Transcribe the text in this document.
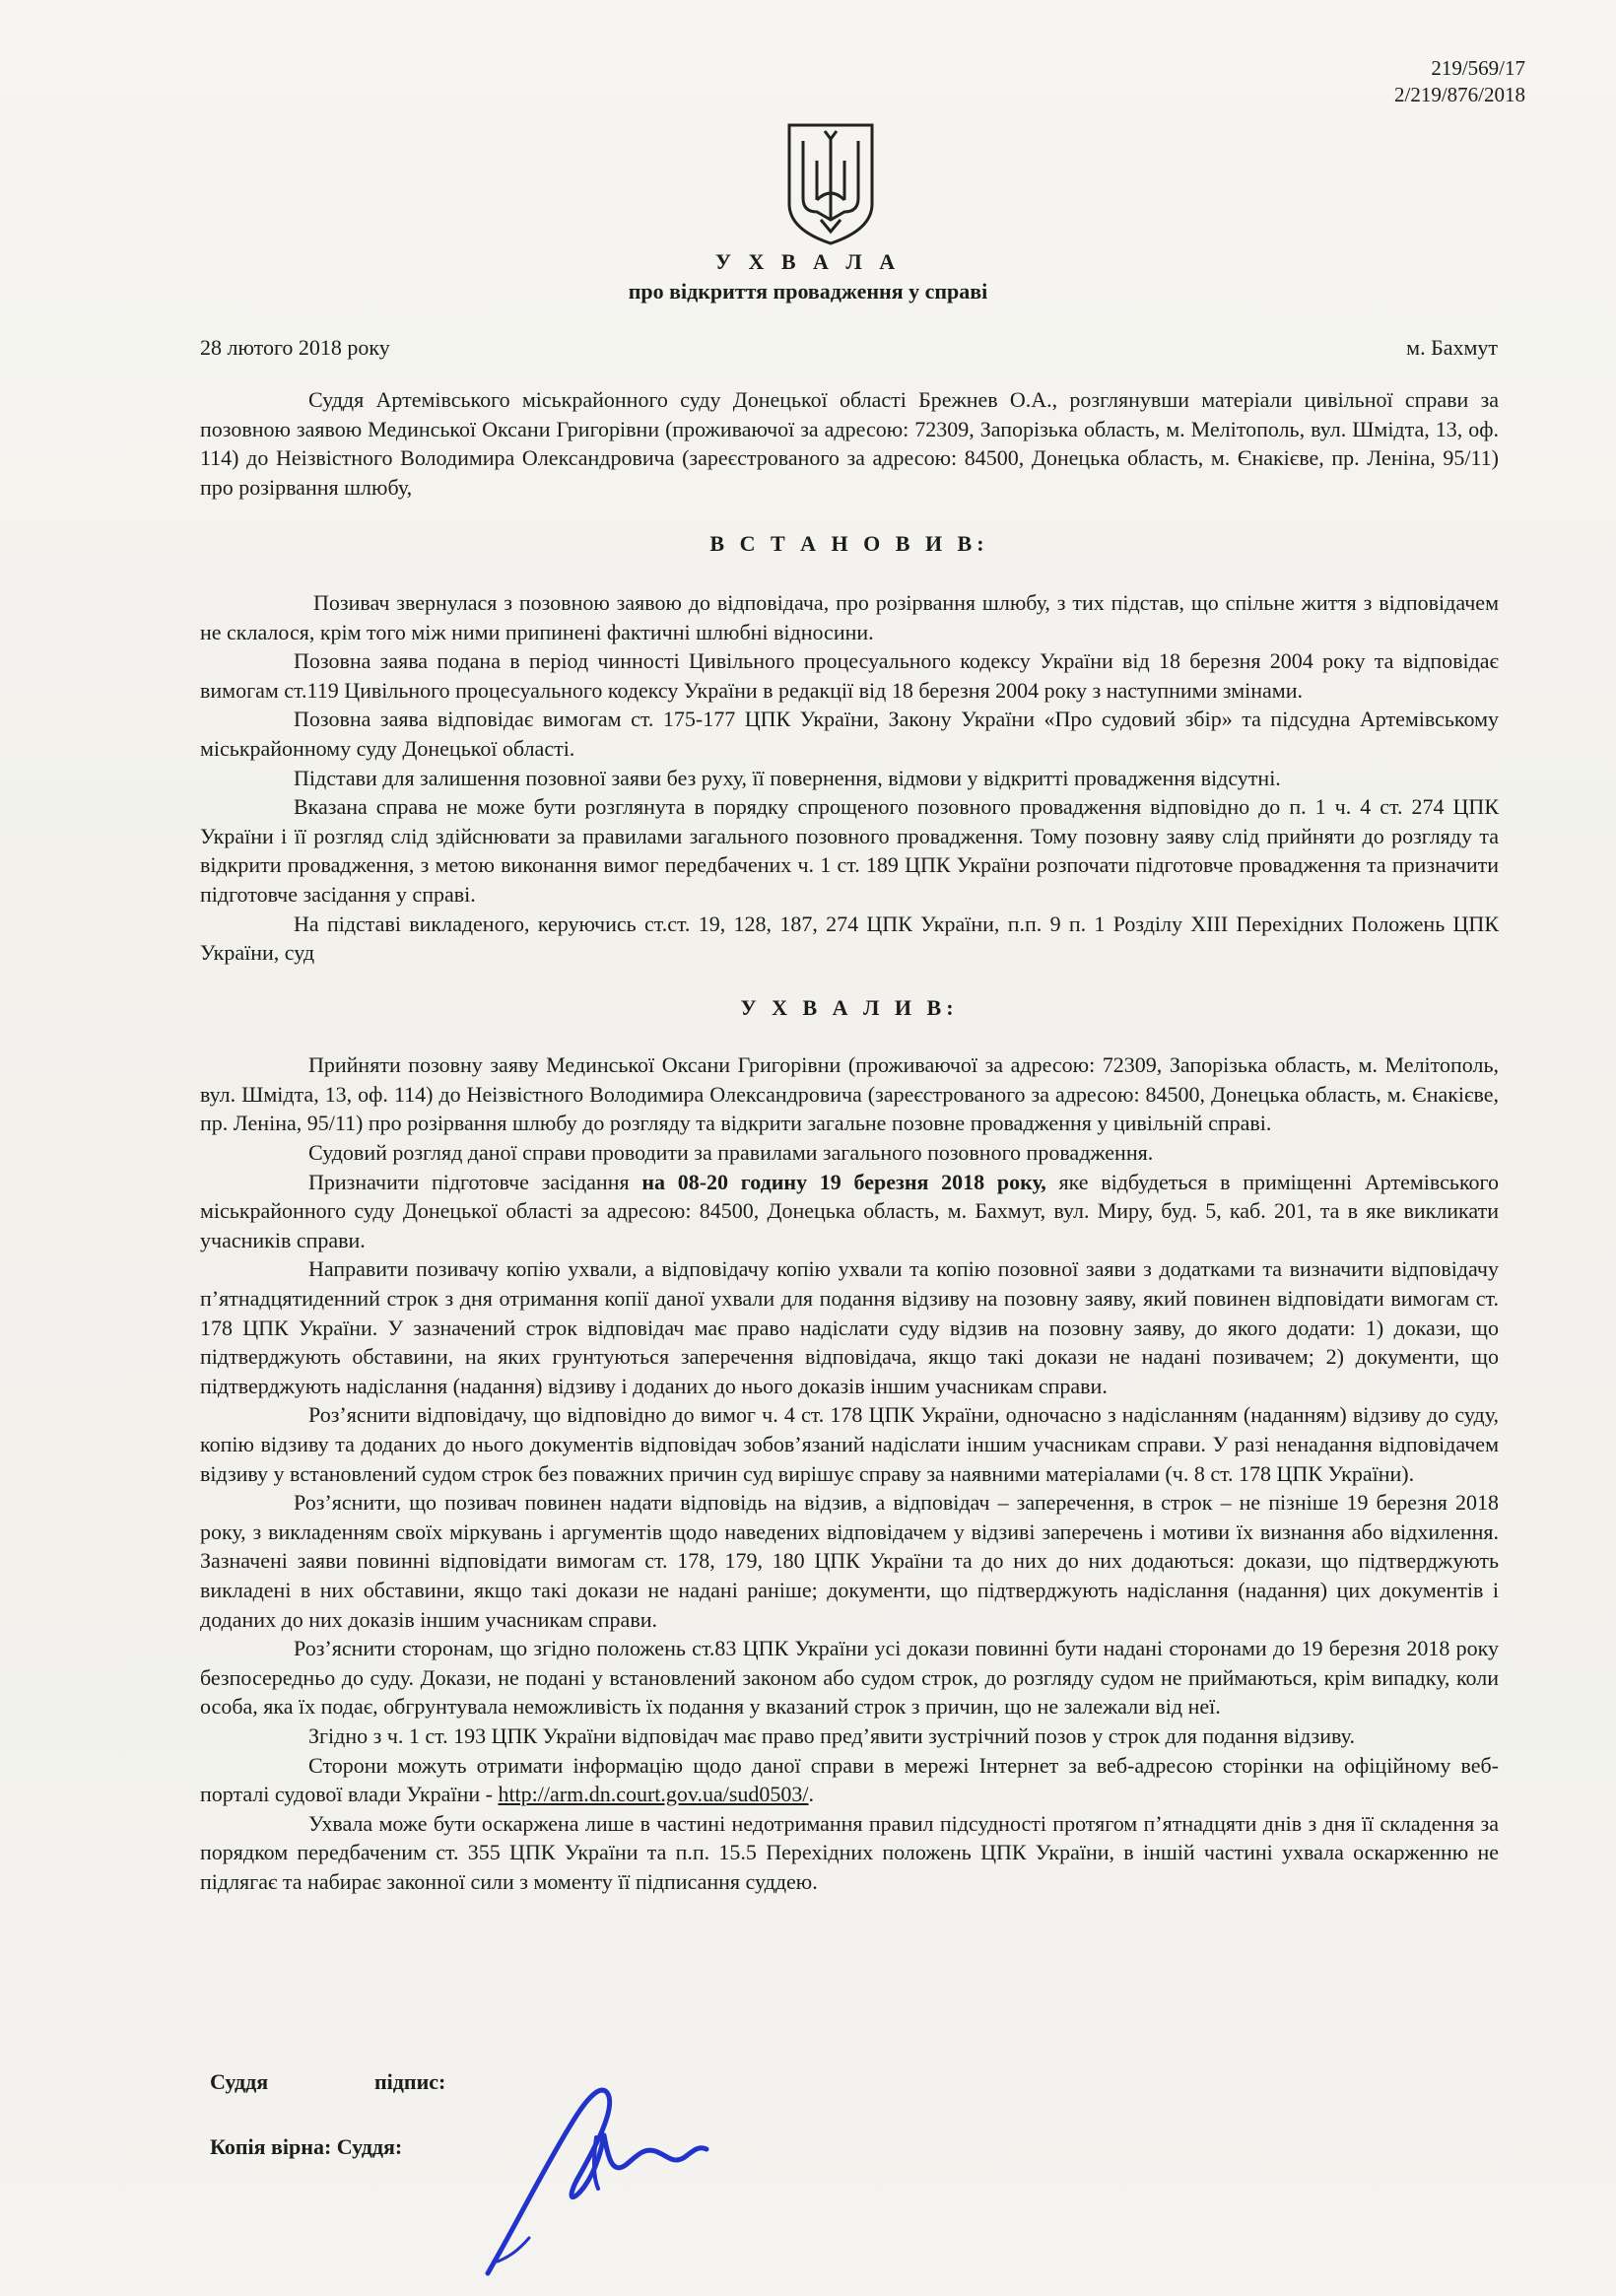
219/569/17
2/219/876/2018
У Х В А Л А
про відкриття провадження у справі
28 лютого 2018 року	м. Бахмут

Суддя Артемівського міськрайонного суду Донецької області Брежнев О.А., розглянувши матеріали цивільної справи за позовною заявою Мединської Оксани Григорівни (проживаючої за адресою: 72309, Запорізька область, м. Мелітополь, вул. Шмідта, 13, оф. 114) до Неізвістного Володимира Олександровича (зареєстрованого за адресою: 84500, Донецька область, м. Єнакієве, пр. Леніна, 95/11) про розірвання шлюбу,

В С Т А Н О В И В:

Позивач звернулася з позовною заявою до відповідача, про розірвання шлюбу, з тих підстав, що спільне життя з відповідачем не склалося, крім того між ними припинені фактичні шлюбні відносини.

Позовна заява подана в період чинності Цивільного процесуального кодексу України від 18 березня 2004 року та відповідає вимогам ст.119 Цивільного процесуального кодексу України в редакції від 18 березня 2004 року з наступними змінами.

Позовна заява відповідає вимогам ст. 175-177 ЦПК України, Закону України «Про судовий збір» та підсудна Артемівському міськрайонному суду Донецької області.

Підстави для залишення позовної заяви без руху, її повернення, відмови у відкритті провадження відсутні.

Вказана справа не може бути розглянута в порядку спрощеного позовного провадження відповідно до п. 1 ч. 4 ст. 274 ЦПК України і її розгляд слід здійснювати за правилами загального позовного провадження. Тому позовну заяву слід прийняти до розгляду та відкрити провадження, з метою виконання вимог передбачених ч. 1 ст. 189 ЦПК України розпочати підготовче провадження та призначити підготовче засідання у справі.

На підставі викладеного, керуючись ст.ст. 19, 128, 187, 274 ЦПК України, п.п. 9 п. 1 Розділу XIII Перехідних Положень ЦПК України, суд

У Х В А Л И В:

Прийняти позовну заяву Мединської Оксани Григорівни (проживаючої за адресою: 72309, Запорізька область, м. Мелітополь, вул. Шмідта, 13, оф. 114) до Неізвістного Володимира Олександровича (зареєстрованого за адресою: 84500, Донецька область, м. Єнакієве, пр. Леніна, 95/11) про розірвання шлюбу до розгляду та відкрити загальне позовне провадження у цивільній справі.

Судовий розгляд даної справи проводити за правилами загального позовного провадження.

Призначити підготовче засідання на 08-20 годину 19 березня 2018 року, яке відбудеться в приміщенні Артемівського міськрайонного суду Донецької області за адресою: 84500, Донецька область, м. Бахмут, вул. Миру, буд. 5, каб. 201, та в яке викликати учасників справи.

Направити позивачу копію ухвали, а відповідачу копію ухвали та копію позовної заяви з додатками та визначити відповідачу п’ятнадцятиденний строк з дня отримання копії даної ухвали для подання відзиву на позовну заяву, який повинен відповідати вимогам ст. 178 ЦПК України. У зазначений строк відповідач має право надіслати суду відзив на позовну заяву, до якого додати: 1) докази, що підтверджують обставини, на яких грунтуються заперечення відповідача, якщо такі докази не надані позивачем; 2) документи, що підтверджують надіслання (надання) відзиву і доданих до нього доказів іншим учасникам справи.

Роз’яснити відповідачу, що відповідно до вимог ч. 4 ст. 178 ЦПК України, одночасно з надісланням (наданням) відзиву до суду, копію відзиву та доданих до нього документів відповідач зобов’язаний надіслати іншим учасникам справи. У разі ненадання відповідачем відзиву у встановлений судом строк без поважних причин суд вирішує справу за наявними матеріалами (ч. 8 ст. 178 ЦПК України).

Роз’яснити, що позивач повинен надати відповідь на відзив, а відповідач – заперечення, в строк – не пізніше 19 березня 2018 року, з викладенням своїх міркувань і аргументів щодо наведених відповідачем у відзиві заперечень і мотиви їх визнання або відхилення. Зазначені заяви повинні відповідати вимогам ст. 178, 179, 180 ЦПК України та до них до них додаються: докази, що підтверджують викладені в них обставини, якщо такі докази не надані раніше; документи, що підтверджують надіслання (надання) цих документів і доданих до них доказів іншим учасникам справи.

Роз’яснити сторонам, що згідно положень ст.83 ЦПК України усі докази повинні бути надані сторонами до 19 березня 2018 року безпосередньо до суду. Докази, не подані у встановлений законом або судом строк, до розгляду судом не приймаються, крім випадку, коли особа, яка їх подає, обгрунтувала неможливість їх подання у вказаний строк з причин, що не залежали від неї.

Згідно з ч. 1 ст. 193 ЦПК України відповідач має право пред’явити зустрічний позов у строк для подання відзиву.

Сторони можуть отримати інформацію щодо даної справи в мережі Інтернет за веб-адресою сторінки на офіційному веб-порталі судової влади України - http://arm.dn.court.gov.ua/sud0503/.

Ухвала може бути оскаржена лише в частині недотримання правил підсудності протягом п’ятнадцяти днів з дня її складення за порядком передбаченим ст. 355 ЦПК України та п.п. 15.5 Перехідних положень ЦПК України, в іншій частині ухвала оскарженню не підлягає та набирає законної сили з моменту її підписання суддею.

Суддя	підпис:
Копія вірна: Суддя:
